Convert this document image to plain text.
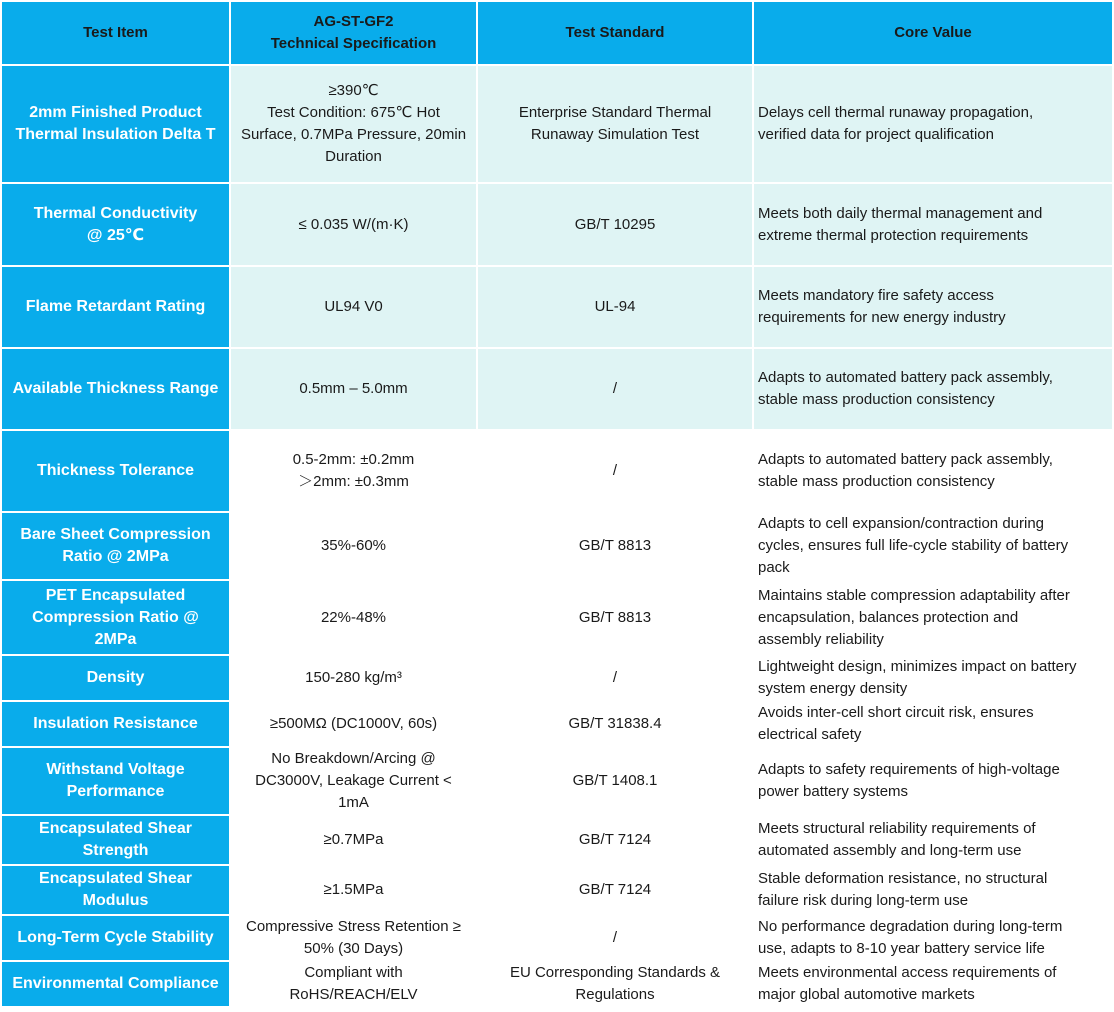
Test Item	AG-ST-GF2
Technical Specification	Test Standard	Core Value

2mm Finished Product
Thermal Insulation Delta T	≥390℃
Test Condition: 675℃ Hot
Surface, 0.7MPa Pressure, 20min
Duration	Enterprise Standard Thermal
Runaway Simulation Test	Delays cell thermal runaway propagation,
verified data for project qualification

Thermal Conductivity
@ 25℃	≤ 0.035 W/(m·K)	GB/T 10295	Meets both daily thermal management and
extreme thermal protection requirements

Flame Retardant Rating	UL94 V0	UL-94	Meets mandatory fire safety access
requirements for new energy industry

Available Thickness Range	0.5mm – 5.0mm	/	Adapts to automated battery pack assembly,
stable mass production consistency

Thickness Tolerance	0.5-2mm: ±0.2mm
＞2mm: ±0.3mm	/	Adapts to automated battery pack assembly,
stable mass production consistency

Bare Sheet Compression
Ratio @ 2MPa	35%-60%	GB/T 8813	Adapts to cell expansion/contraction during
cycles, ensures full life-cycle stability of battery
pack

PET Encapsulated
Compression Ratio @
2MPa	22%-48%	GB/T 8813	Maintains stable compression adaptability after
encapsulation, balances protection and
assembly reliability

Density	150-280 kg/m³	/	Lightweight design, minimizes impact on battery
system energy density

Insulation Resistance	≥500MΩ (DC1000V, 60s)	GB/T 31838.4	Avoids inter-cell short circuit risk, ensures
electrical safety

Withstand Voltage
Performance	No Breakdown/Arcing @
DC3000V, Leakage Current <
1mA	GB/T 1408.1	Adapts to safety requirements of high-voltage
power battery systems

Encapsulated Shear
Strength	≥0.7MPa	GB/T 7124	Meets structural reliability requirements of
automated assembly and long-term use

Encapsulated Shear
Modulus	≥1.5MPa	GB/T 7124	Stable deformation resistance, no structural
failure risk during long-term use

Long-Term Cycle Stability	Compressive Stress Retention ≥
50% (30 Days)	/	No performance degradation during long-term
use, adapts to 8-10 year battery service life

Environmental Compliance	Compliant with
RoHS/REACH/ELV	EU Corresponding Standards &
Regulations	Meets environmental access requirements of
major global automotive markets
